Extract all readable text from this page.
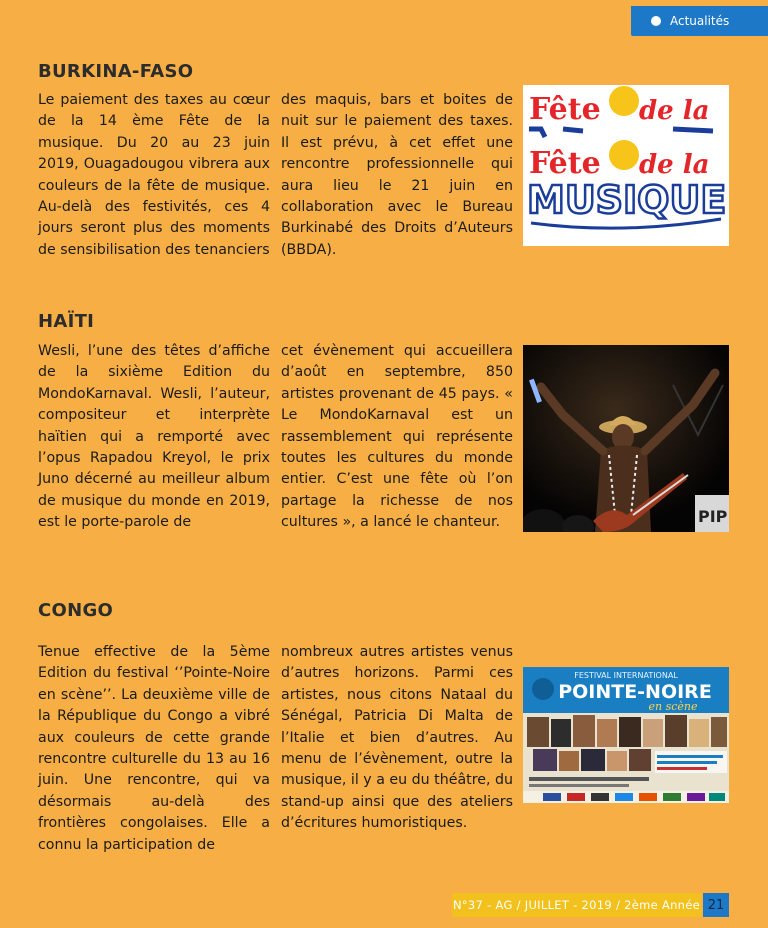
Actualités
BURKINA-FASO
Le paiement des taxes au cœur de la 14 ème Fête de la musique. Du 20 au 23 juin 2019, Ouagadougou vibrera aux couleurs de la fête de musique. Au-delà des festivités, ces 4 jours seront plus des moments de sensibilisation des tenanciers
des maquis, bars et boites de nuit sur le paiement des taxes. Il est prévu, à cet effet une rencontre professionnelle qui aura lieu le 21 juin en collaboration avec le Bureau Burkinabé des Droits d’Auteurs (BBDA).
Fête de la
Fête de la
MUSIQUE
HAÏTI
Wesli, l’une des têtes d’affiche de la sixième Edition du MondoKarnaval. Wesli, l’auteur, compositeur et interprète haïtien qui a remporté avec l’opus Rapadou Kreyol, le prix Juno décerné au meilleur album de musique du monde en 2019, est le porte-parole de
cet évènement qui accueillera d’août en septembre, 850 artistes provenant de 45 pays. « Le MondoKarnaval est un rassemblement qui représente toutes les cultures du monde entier. C’est une fête où l’on partage la richesse de nos cultures », a lancé le chanteur.	PIP
CONGO
Tenue effective de la 5ème Edition du festival ‘’Pointe-Noire en scène’’. La deuxième ville de la République du Congo a vibré aux couleurs de cette grande rencontre culturelle du 13 au 16 juin. Une rencontre, qui va désormais au-delà des frontières congolaises. Elle a connu la participation de
nombreux autres artistes venus d’autres horizons. Parmi ces artistes, nous citons Nataal du Sénégal, Patricia Di Malta de l’Italie et bien d’autres. Au menu de l’évènement, outre la musique, il y a eu du théâtre, du stand-up ainsi que des ateliers d’écritures humoristiques.
FESTIVAL INTERNATIONAL
POINTE-NOIRE
en scène
N°37 - AG / JUILLET - 2019 / 2ème Année 21
